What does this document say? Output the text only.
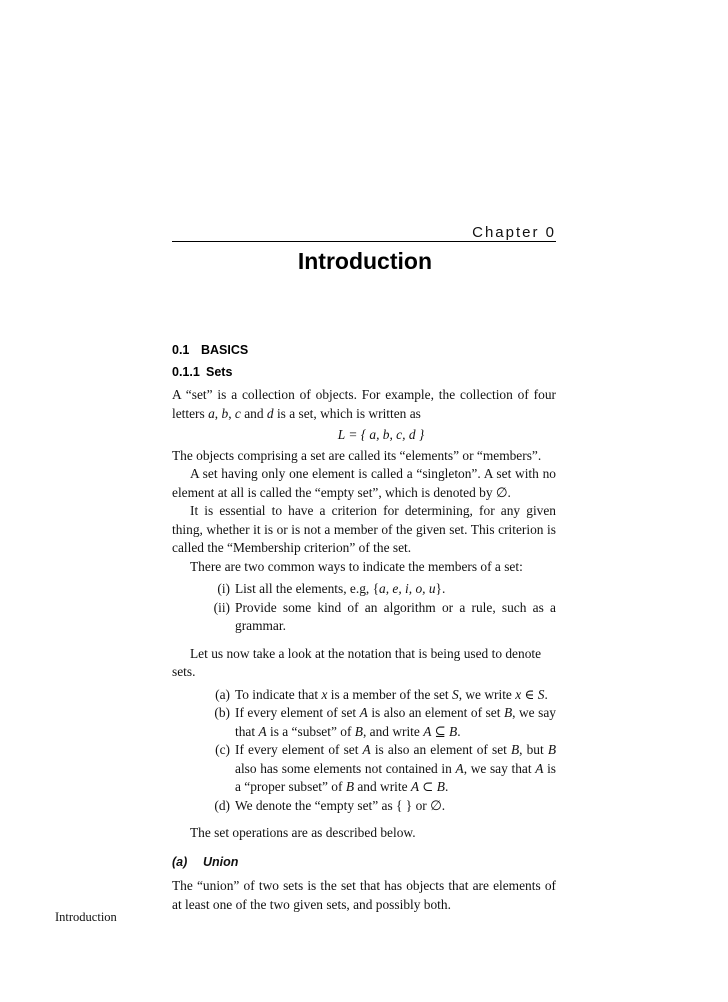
Chapter 0
Introduction
0.1 BASICS
0.1.1 Sets

A “set” is a collection of objects. For example, the collection of four letters a, b, c and d is a set, which is written as

L = { a, b, c, d }

The objects comprising a set are called its “elements” or “members”.

A set having only one element is called a “singleton”. A set with no element at all is called the “empty set”, which is denoted by ∅.

It is essential to have a criterion for determining, for any given thing, whether it is or is not a member of the given set. This criterion is called the “Membership criterion” of the set.

There are two common ways to indicate the members of a set:

(i) List all the elements, e.g, {a, e, i, o, u}.
(ii) Provide some kind of an algorithm or a rule, such as a grammar.

Let us now take a look at the notation that is being used to denote sets.

(a) To indicate that x is a member of the set S, we write x ∈ S.
(b) If every element of set A is also an element of set B, we say that A is a “subset” of B, and write A ⊆ B.
(c) If every element of set A is also an element of set B, but B also has some elements not contained in A, we say that A is a “proper subset” of B and write A ⊂ B.
(d) We denote the “empty set” as { } or ∅.

The set operations are as described below.

(a) Union

The “union” of two sets is the set that has objects that are elements of at least one of the two given sets, and possibly both.

Introduction
